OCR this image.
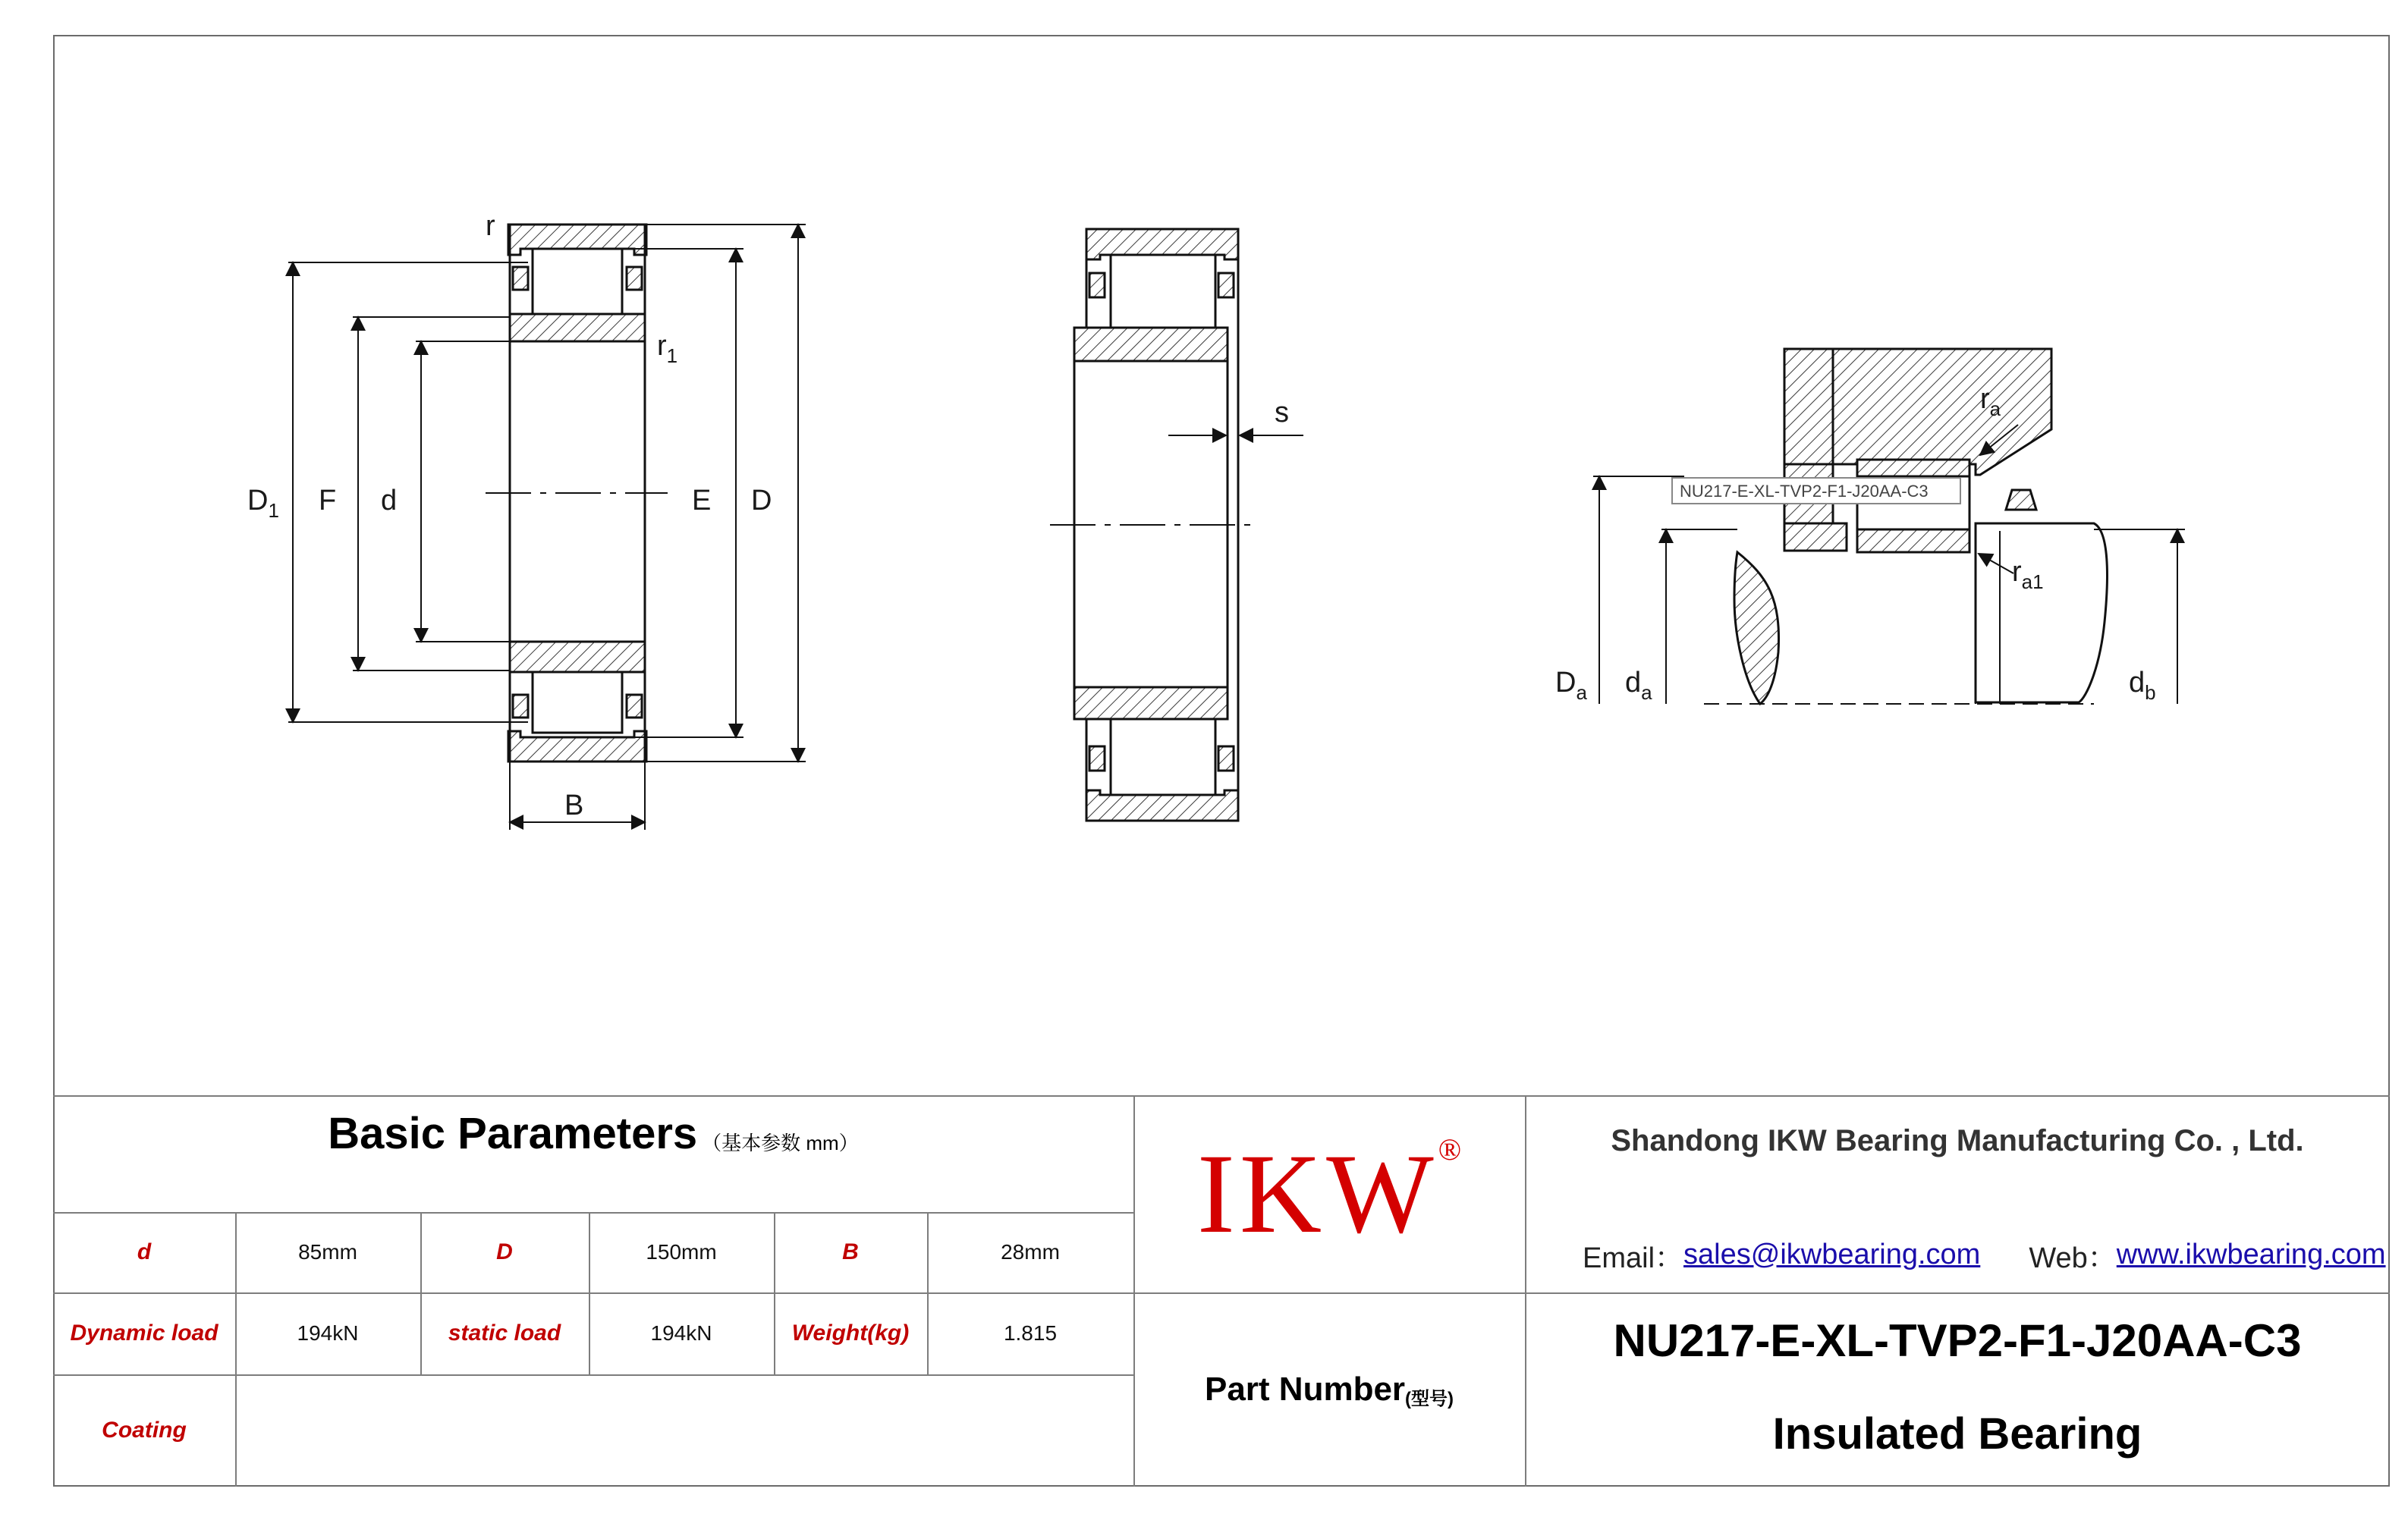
$D_1$ F d	E D
B
r
$r_1$
s
NU217-E-XL-TVP2-F1-J20AA-C3
$r_a$
$r_{a1}$
$D_a$ $d_a$	$d_b$
Basic Parameters （基本参数 mm）
d	85mm	D	150mm	B	28mm
Dynamic load	194kN	static load	194kN	Weight(kg)	1.815
Coating
IKW ®
Part Number (型号)
Shandong IKW Bearing Manufacturing Co. , Ltd.
Email： sales@ikwbearing.com Web： www.ikwbearing.com
NU217-E-XL-TVP2-F1-J20AA-C3
Insulated Bearing
